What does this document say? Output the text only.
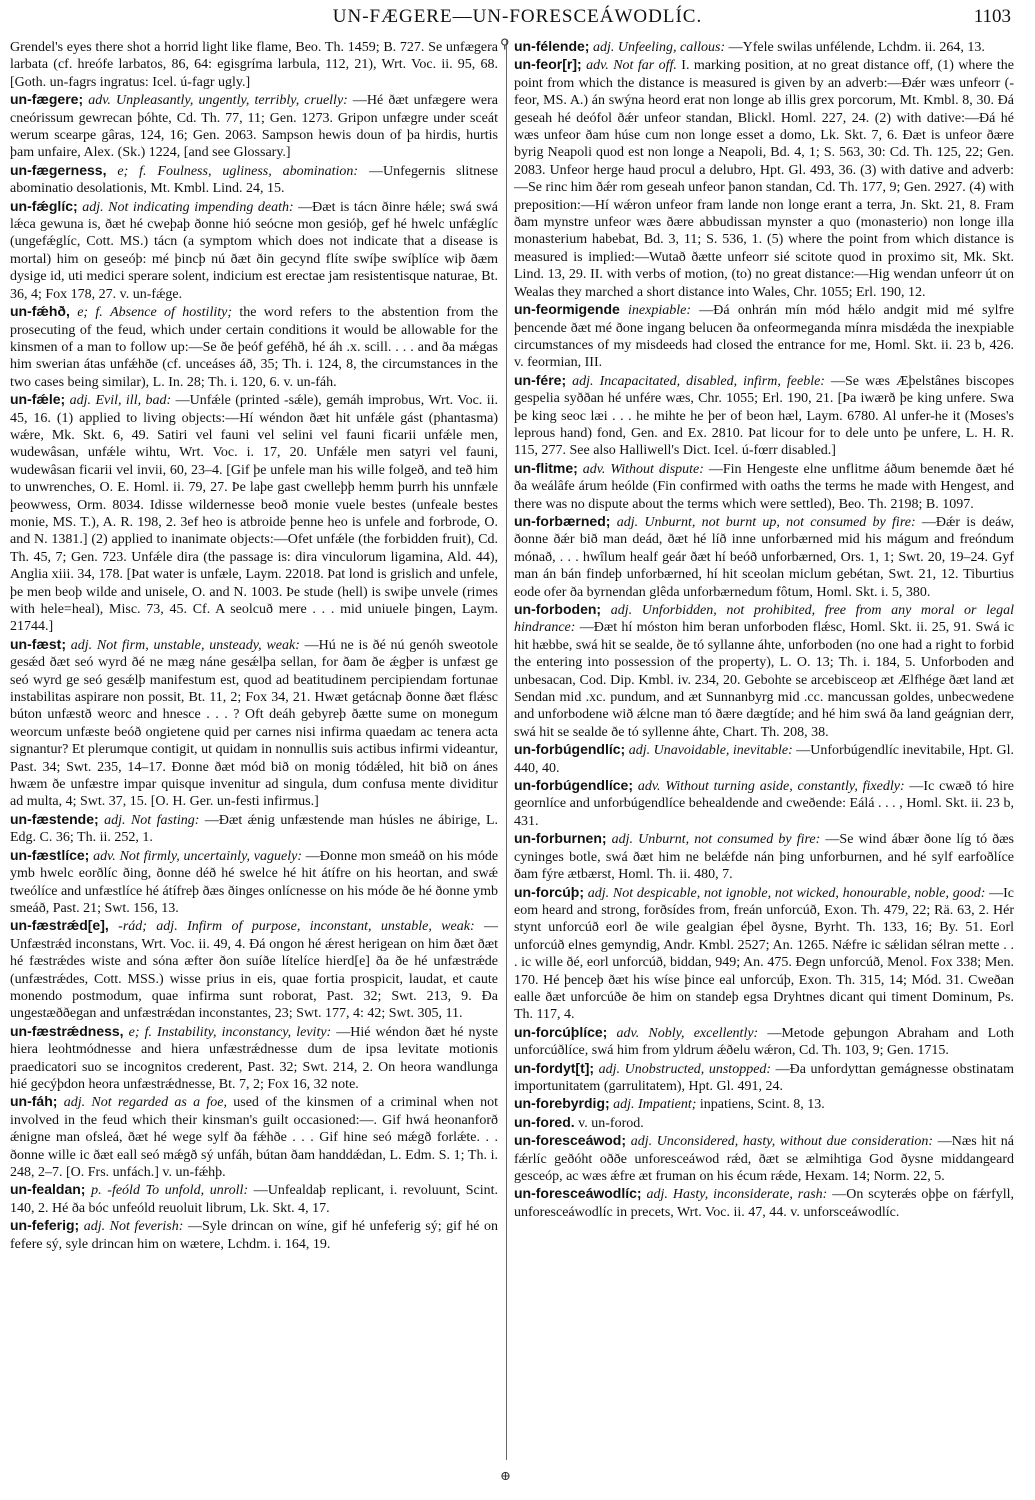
UN-FÆGERE—UN-FORESCEÁWODLÍC.	1103
⚲
⊕

Grendel's eyes there shot a horrid light like flame, Beo. Th. 1459; B. 727. Se unfægera larbata (cf. hreófe larbatos, 86, 64: egisgríma larbula, 112, 21), Wrt. Voc. ii. 95, 68. [Goth. un-fagrs ingratus: Icel. ú-fagr ugly.]

un-fægere; adv. Unpleasantly, ungently, terribly, cruelly: —Hé ðæt unfægere wera cneórissum gewrecan þóhte, Cd. Th. 77, 11; Gen. 1273. Gripon unfægre under sceát werum scearpe gâras, 124, 16; Gen. 2063. Sampson hewis doun of þa hirdis, hurtis þam unfaire, Alex. (Sk.) 1224, [and see Glossary.]

un-fægerness, e; f. Foulness, ugliness, abomination: —Unfegernis slitnese abominatio desolationis, Mt. Kmbl. Lind. 24, 15.

un-fǽglíc; adj. Not indicating impending death: —Ðæt is tácn ðinre hǽle; swá swá lǽca gewuna is, ðæt hé cweþaþ ðonne hió seócne mon gesióþ, gef hé hwelc unfǽglíc (ungefǽglíc, Cott. MS.) tácn (a symptom which does not indicate that a disease is mortal) him on geseóþ: mé þincþ nú ðæt ðin gecynd flíte swíþe swíþlíce wiþ ðæm dysige id, uti medici sperare solent, indicium est erectae jam resistentisque naturae, Bt. 36, 4; Fox 178, 27. v. un-fǽge.

un-fǽhð, e; f. Absence of hostility; the word refers to the abstention from the prosecuting of the feud, which under certain conditions it would be allowable for the kinsmen of a man to follow up:—Se ðe þeóf geféhð, hé áh .x. scill. . . . and ða mǽgas him swerian átas unfǽhðe (cf. unceáses áð, 35; Th. i. 124, 8, the circumstances in the two cases being similar), L. In. 28; Th. i. 120, 6. v. un-fáh.

un-fǽle; adj. Evil, ill, bad: —Unfǽle (printed -sǽle), gemáh improbus, Wrt. Voc. ii. 45, 16. (1) applied to living objects:—Hí wéndon ðæt hit unfǽle gást (phantasma) wǽre, Mk. Skt. 6, 49. Satiri vel fauni vel selini vel fauni ficarii unfǽle men, wudewâsan, unfǽle wihtu, Wrt. Voc. i. 17, 20. Unfǽle men satyri vel fauni, wudewâsan ficarii vel invii, 60, 23–4. [Gif þe unfele man his wille folgeð, and teð him to unwrenches, O. E. Homl. ii. 79, 27. Þe laþe gast cwelleþþ hemm þurrh his unnfæle þeowwess, Orm. 8034. Idisse wildernesse beoð monie vuele bestes (unfeale bestes monie, MS. T.), A. R. 198, 2. 3ef heo is atbroide þenne heo is unfele and forbrode, O. and N. 1381.] (2) applied to inanimate objects:—Ofet unfǽle (the forbidden fruit), Cd. Th. 45, 7; Gen. 723. Unfǽle dira (the passage is: dira vinculorum ligamina, Ald. 44), Anglia xiii. 34, 178. [Þat water is unfæle, Laym. 22018. Þat lond is grislich and unfele, þe men beoþ wilde and unisele, O. and N. 1003. Þe stude (hell) is swiþe unvele (rimes with hele=heal), Misc. 73, 45. Cf. A seolcuð mere . . . mid uniuele þingen, Laym. 21744.]

un-fæst; adj. Not firm, unstable, unsteady, weak: —Hú ne is ðé nú genóh sweotole gesǽd ðæt seó wyrd ðé ne mæg náne gesǽlþa sellan, for ðam ðe ǽgþer is unfæst ge seó wyrd ge seó gesǽlþ manifestum est, quod ad beatitudinem percipiendam fortunae instabilitas aspirare non possit, Bt. 11, 2; Fox 34, 21. Hwæt getácnaþ ðonne ðæt flǽsc búton unfæstð weorc and hnesce . . . ? Oft deáh gebyreþ ðætte sume on monegum weorcum unfæste beóð ongietene quid per carnes nisi infirma quaedam ac tenera acta signantur? Et plerumque contigit, ut quidam in nonnullis suis actibus infirmi videantur, Past. 34; Swt. 235, 14–17. Ðonne ðæt mód bið on monig tódǽled, hit bið on ánes hwæm ðe unfæstre impar quisque invenitur ad singula, dum confusa mente dividitur ad multa, 4; Swt. 37, 15. [O. H. Ger. un-festi infirmus.]

un-fæstende; adj. Not fasting: —Ðæt ǽnig unfæstende man húsles ne ábirige, L. Edg. C. 36; Th. ii. 252, 1.

un-fæstlíce; adv. Not firmly, uncertainly, vaguely: —Ðonne mon smeáð on his móde ymb hwelc eorðlíc ðing, ðonne déð hé swelce hé hit átífre on his heortan, and swǽ tweólíce and unfæstlíce hé átífreþ ðæs ðinges onlícnesse on his móde ðe hé ðonne ymb smeáð, Past. 21; Swt. 156, 13.

un-fæstrǽd[e], -rád; adj. Infirm of purpose, inconstant, unstable, weak: —Unfæstrǽd inconstans, Wrt. Voc. ii. 49, 4. Ðá ongon hé ǽrest herigean on him ðæt ðæt hé fæstrǽdes wiste and sóna æfter ðon suíðe lítelíce hierd[e] ða ðe hé unfæstrǽde (unfæstrǽdes, Cott. MSS.) wisse prius in eis, quae fortia prospicit, laudat, et caute monendo postmodum, quae infirma sunt roborat, Past. 32; Swt. 213, 9. Ða ungestæððegan and unfæstrǽdan inconstantes, 23; Swt. 177, 4: 42; Swt. 305, 11.

un-fæstrǽdness, e; f. Instability, inconstancy, levity: —Hié wéndon ðæt hé nyste hiera leohtmódnesse and hiera unfæstrǽdnesse dum de ipsa levitate motionis praedicatori suo se incognitos crederent, Past. 32; Swt. 214, 2. On heora wandlunga hié gecýþdon heora unfæstrǽdnesse, Bt. 7, 2; Fox 16, 32 note.

un-fáh; adj. Not regarded as a foe, used of the kinsmen of a criminal when not involved in the feud which their kinsman's guilt occasioned:—. Gif hwá heonanforð ǽnigne man ofsleá, ðæt hé wege sylf ða fǽhðe . . . Gif hine seó mǽgð forlǽte. . . ðonne wille ic ðæt eall seó mǽgð sý unfáh, bútan ðam handdǽdan, L. Edm. S. 1; Th. i. 248, 2–7. [O. Frs. unfách.] v. un-fǽhþ.

un-fealdan; p. -feóld To unfold, unroll: —Unfealdaþ replicant, i. revoluunt, Scint. 140, 2. Hé ða bóc unfeóld reuoluit librum, Lk. Skt. 4, 17.

un-feferig; adj. Not feverish: —Syle drincan on wíne, gif hé unfeferig sý; gif hé on fefere sý, syle drincan him on wætere, Lchdm. i. 164, 19.

un-félende; adj. Unfeeling, callous: —Yfele swilas unfélende, Lchdm. ii. 264, 13.

un-feor[r]; adv. Not far off. I. marking position, at no great distance off, (1) where the point from which the distance is measured is given by an adverb:—Ðǽr wæs unfeorr (-feor, MS. A.) án swýna heord erat non longe ab illis grex porcorum, Mt. Kmbl. 8, 30. Ðá geseah hé deófol ðǽr unfeor standan, Blickl. Homl. 227, 24. (2) with dative:—Ðá hé wæs unfeor ðam húse cum non longe esset a domo, Lk. Skt. 7, 6. Ðæt is unfeor ðære byrig Neapoli quod est non longe a Neapoli, Bd. 4, 1; S. 563, 30: Cd. Th. 125, 22; Gen. 2083. Unfeor herge haud procul a delubro, Hpt. Gl. 493, 36. (3) with dative and adverb:—Se rinc him ðǽr rom geseah unfeor þanon standan, Cd. Th. 177, 9; Gen. 2927. (4) with preposition:—Hí wǽron unfeor fram lande non longe erant a terra, Jn. Skt. 21, 8. Fram ðam mynstre unfeor wæs ðære abbudissan mynster a quo (monasterio) non longe illa monasterium habebat, Bd. 3, 11; S. 536, 1. (5) where the point from which distance is measured is implied:—Wutað ðætte unfeorr sié scitote quod in proximo sit, Mk. Skt. Lind. 13, 29. II. with verbs of motion, (to) no great distance:—Hig wendan unfeorr út on Wealas they marched a short distance into Wales, Chr. 1055; Erl. 190, 12.

un-feormigende inexpiable: —Ðá onhrán mín mód hǽlo andgit mid mé sylfre þencende ðæt mé ðone ingang belucen ða onfeormeganda mínra misdǽda the inexpiable circumstances of my misdeeds had closed the entrance for me, Homl. Skt. ii. 23 b, 426. v. feormian, III.

un-fére; adj. Incapacitated, disabled, infirm, feeble: —Se wæs Æþelstânes biscopes gespelia syððan hé unfére wæs, Chr. 1055; Erl. 190, 21. [Þa iwærð þe king unfere. Swa þe king seoc læi . . . he mihte he þer of beon hæl, Laym. 6780. Al unfer-he it (Moses's leprous hand) fond, Gen. and Ex. 2810. Þat licour for to dele unto þe unfere, L. H. R. 115, 277. See also Halliwell's Dict. Icel. ú-fœrr disabled.]

un-flitme; adv. Without dispute: —Fin Hengeste elne unflitme áðum benemde ðæt hé ða weálâfe árum heólde (Fin confirmed with oaths the terms he made with Hengest, and there was no dispute about the terms which were settled), Beo. Th. 2198; B. 1097.

un-forbærned; adj. Unburnt, not burnt up, not consumed by fire: —Ðǽr is deáw, ðonne ðǽr bið man deád, ðæt hé líð inne unforbærned mid his mágum and freóndum mónað, . . . hwîlum healf geár ðæt hí beóð unforbærned, Ors. 1, 1; Swt. 20, 19–24. Gyf man án bán findeþ unforbærned, hí hit sceolan miclum gebétan, Swt. 21, 12. Tiburtius eode ofer ða byrnendan glêda unforbærnedum fôtum, Homl. Skt. i. 5, 380.

un-forboden; adj. Unforbidden, not prohibited, free from any moral or legal hindrance: —Ðæt hí móston him beran unforboden flǽsc, Homl. Skt. ii. 25, 91. Swá ic hit hæbbe, swá hit se sealde, ðe tó syllanne áhte, unforboden (no one had a right to forbid the entering into possession of the property), L. O. 13; Th. i. 184, 5. Unforboden and unbesacan, Cod. Dip. Kmbl. iv. 234, 20. Gebohte se arcebisceop æt Ælfhége ðæt land æt Sendan mid .xc. pundum, and æt Sunnanbyrg mid .cc. mancussan goldes, unbecwedene and unforbodene wið ǽlcne man tó ðære dægtíde; and hé him swá ða land geágnian derr, swá hit se sealde ðe tó syllenne áhte, Chart. Th. 208, 38.

un-forbúgendlíc; adj. Unavoidable, inevitable: —Unforbúgendlíc inevitabile, Hpt. Gl. 440, 40.

un-forbúgendlíce; adv. Without turning aside, constantly, fixedly: —Ic cwæð tó hire geornlíce and unforbúgendlíce behealdende and cweðende: Eálá . . . , Homl. Skt. ii. 23 b, 431.

un-forburnen; adj. Unburnt, not consumed by fire: —Se wind ábær ðone líg tó ðæs cyninges botle, swá ðæt him ne belǽfde nán þing unforburnen, and hé sylf earfoðlíce ðam fýre ætbærst, Homl. Th. ii. 480, 7.

un-forcúþ; adj. Not despicable, not ignoble, not wicked, honourable, noble, good: —Ic eom heard and strong, forðsídes from, freán unforcúð, Exon. Th. 479, 22; Rä. 63, 2. Hér stynt unforcúð eorl ðe wile gealgian éþel ðysne, Byrht. Th. 133, 16; By. 51. Eorl unforcúð elnes gemyndig, Andr. Kmbl. 2527; An. 1265. Nǽfre ic sǽlidan sélran mette . . . ic wille ðé, eorl unforcúð, biddan, 949; An. 475. Ðegn unforcúð, Menol. Fox 338; Men. 170. Hé þenceþ ðæt his wíse þince eal unforcúþ, Exon. Th. 315, 14; Mód. 31. Cweðan ealle ðæt unforcúðe ðe him on standeþ egsa Dryhtnes dicant qui timent Dominum, Ps. Th. 117, 4.

un-forcúþlíce; adv. Nobly, excellently: —Metode geþungon Abraham and Loth unforcúðlíce, swá him from yldrum ǽðelu wǽron, Cd. Th. 103, 9; Gen. 1715.

un-fordyt[t]; adj. Unobstructed, unstopped: —Ða unfordyttan gemágnesse obstinatam importunitatem (garrulitatem), Hpt. Gl. 491, 24.

un-forebyrdig; adj. Impatient; inpatiens, Scint. 8, 13.

un-fored. v. un-forod.

un-foresceáwod; adj. Unconsidered, hasty, without due consideration: —Næs hit ná fǽrlíc geðóht oððe unforesceáwod rǽd, ðæt se ælmihtiga God ðysne middangeard gesceóp, ac wæs ǽfre æt fruman on his écum rǽde, Hexam. 14; Norm. 22, 5.

un-foresceáwodlíc; adj. Hasty, inconsiderate, rash: —On scyterǽs oþþe on fǽrfyll, unforesceáwodlíc in precets, Wrt. Voc. ii. 47, 44. v. unforsceáwodlíc.
